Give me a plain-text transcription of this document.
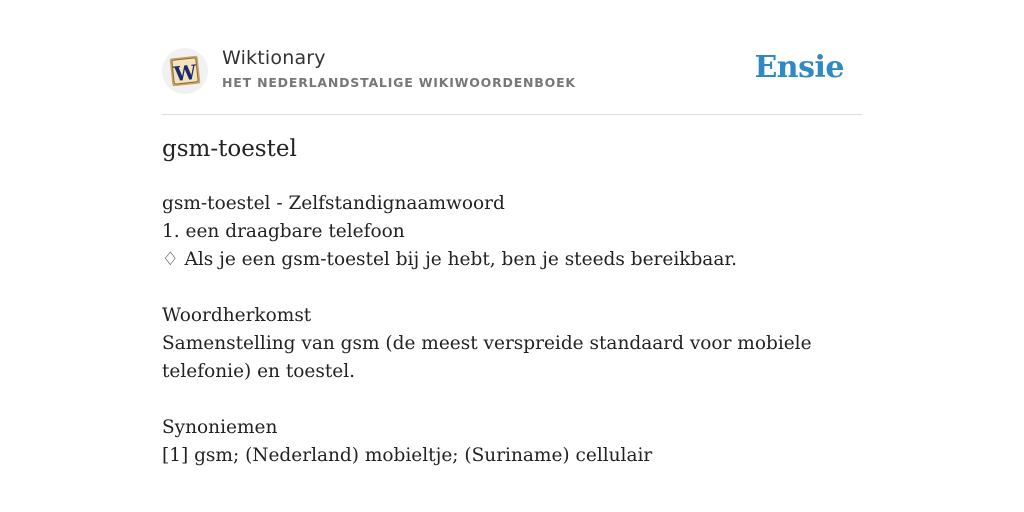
W
Wiktionary
HET NEDERLANDSTALIGE WIKIWOORDENBOEK	Ensie
gsm-toestel
gsm-toestel - Zelfstandignaamwoord
1. een draagbare telefoon
♢ Als je een gsm-toestel bij je hebt, ben je steeds bereikbaar.
Woordherkomst
Samenstelling van gsm (de meest verspreide standaard voor mobiele telefonie) en toestel.
Synoniemen
[1] gsm; (Nederland) mobieltje; (Suriname) cellulair
